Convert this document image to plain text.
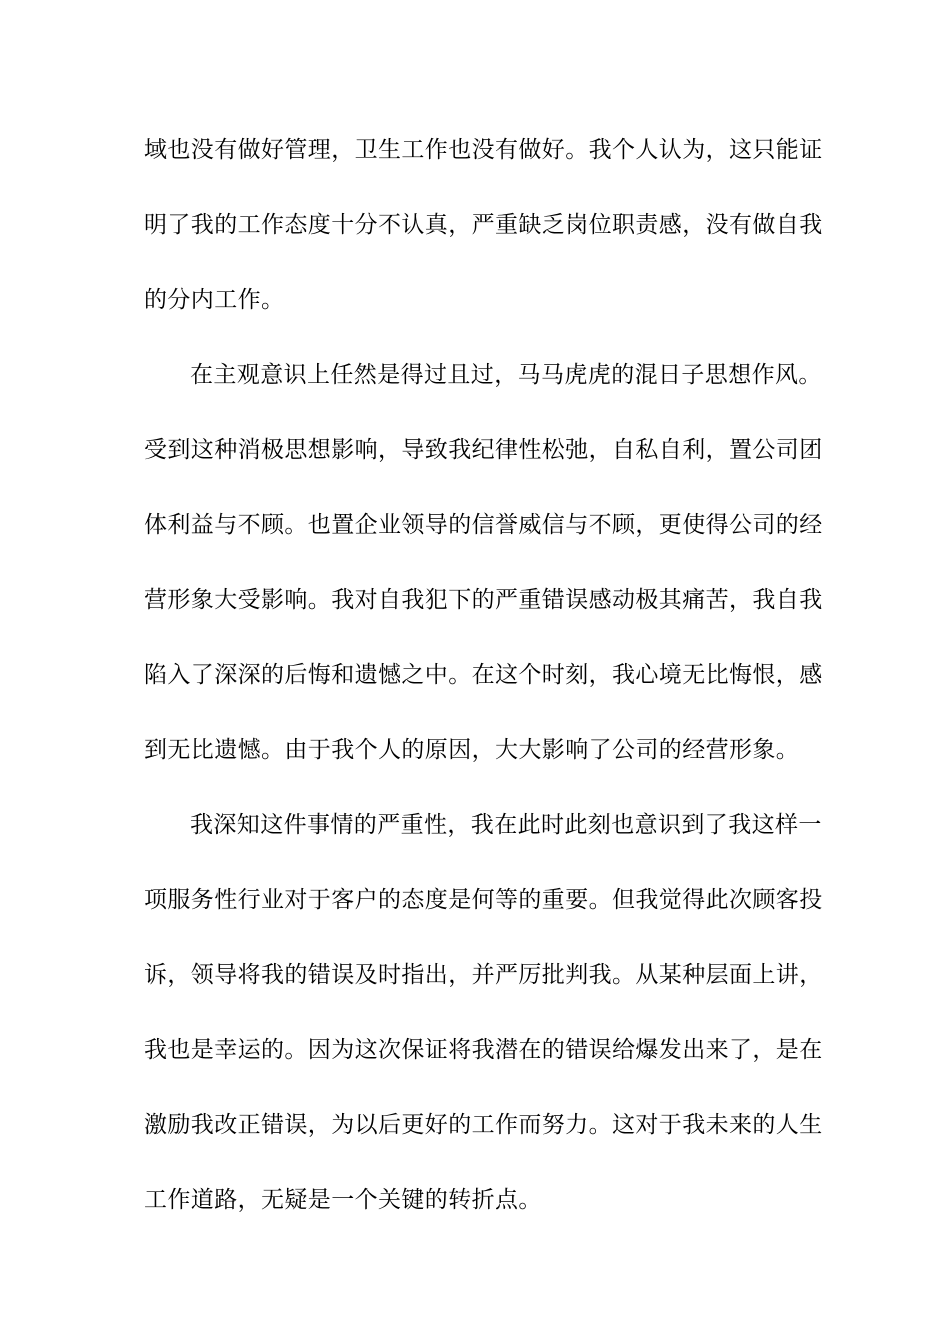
域也没有做好管理，卫生工作也没有做好。我个人认为，这只能证
明了我的工作态度十分不认真，严重缺乏岗位职责感，没有做自我
的分内工作。
在主观意识上任然是得过且过，马马虎虎的混日子思想作风。
受到这种消极思想影响，导致我纪律性松弛，自私自利，置公司团
体利益与不顾。也置企业领导的信誉威信与不顾，更使得公司的经
营形象大受影响。我对自我犯下的严重错误感动极其痛苦，我自我
陷入了深深的后悔和遗憾之中。在这个时刻，我心境无比悔恨，感
到无比遗憾。由于我个人的原因，大大影响了公司的经营形象。
我深知这件事情的严重性，我在此时此刻也意识到了我这样一
项服务性行业对于客户的态度是何等的重要。但我觉得此次顾客投
诉，领导将我的错误及时指出，并严厉批判我。从某种层面上讲，
我也是幸运的。因为这次保证将我潜在的错误给爆发出来了，是在
激励我改正错误，为以后更好的工作而努力。这对于我未来的人生
工作道路，无疑是一个关键的转折点。
